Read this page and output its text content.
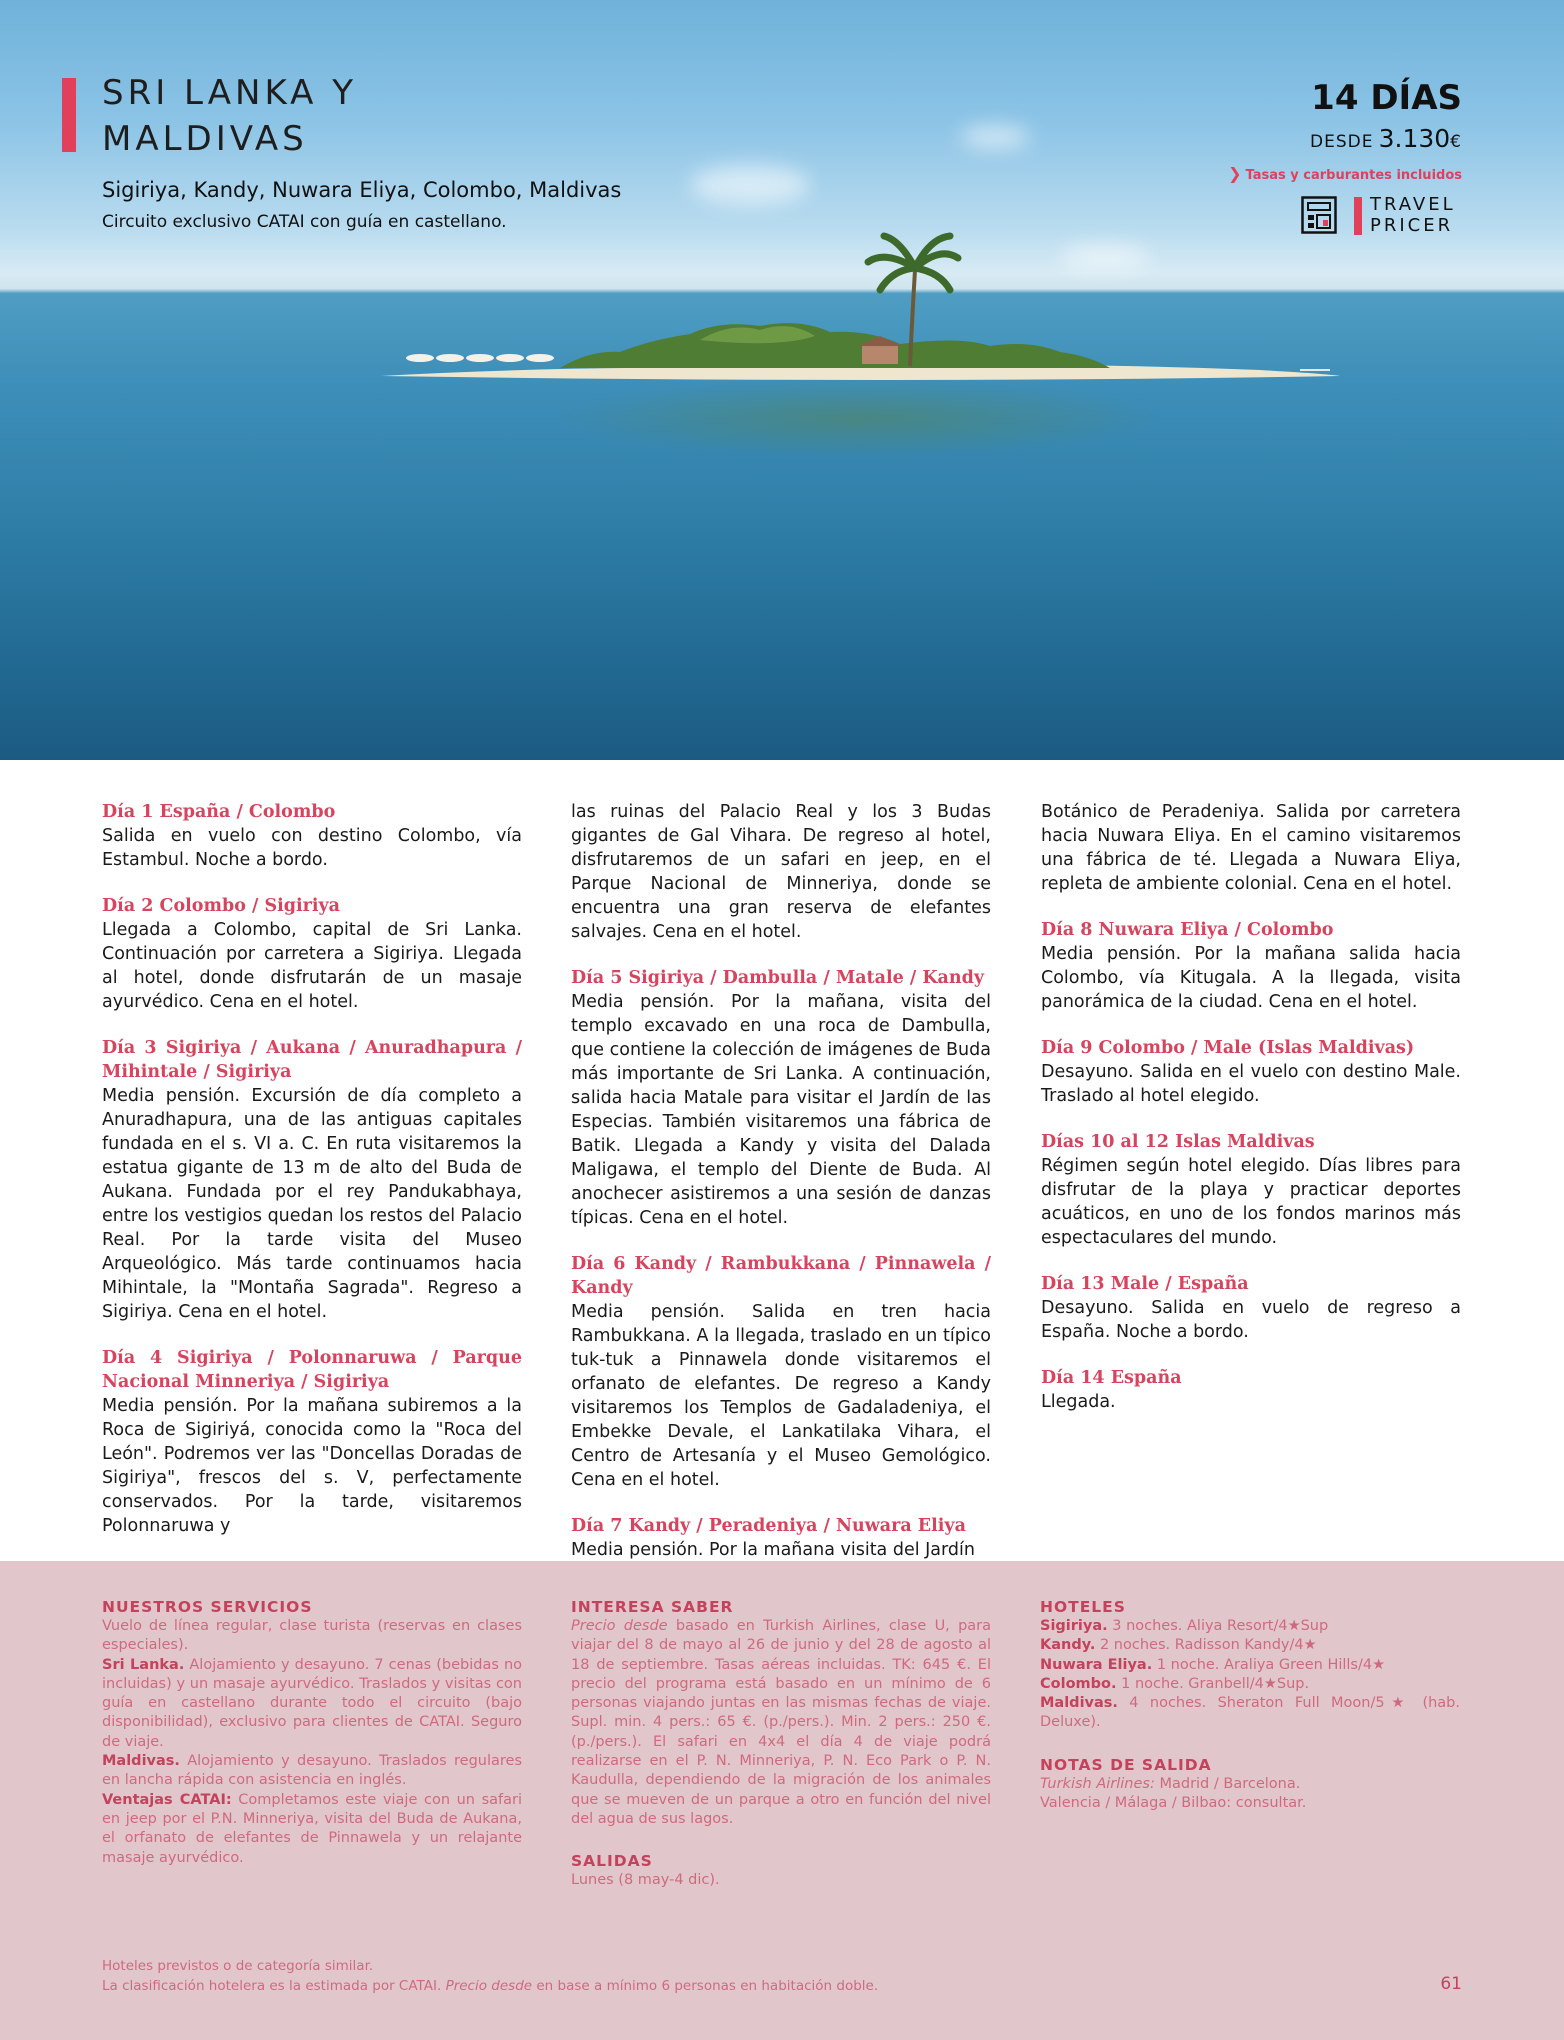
SRI LANKA Y
MALDIVAS
Sigiriya, Kandy, Nuwara Eliya, Colombo, Maldivas
Circuito exclusivo CATAI con guía en castellano.
14 DÍAS
DESDE 3.130€
❯ Tasas y carburantes incluidos
TRAVEL
PRICER
Día 1 España / Colombo

Salida en vuelo con destino Colombo, vía Estambul. Noche a bordo.

Día 2 Colombo / Sigiriya

Llegada a Colombo, capital de Sri Lanka. Continuación por carretera a Sigiriya. Llegada al hotel, donde disfrutarán de un masaje ayurvédico. Cena en el hotel.

Día 3 Sigiriya / Aukana / Anuradhapura / Mihintale / Sigiriya

Media pensión. Excursión de día completo a Anuradhapura, una de las antiguas capitales fundada en el s. VI a. C. En ruta visitaremos la estatua gigante de 13 m de alto del Buda de Aukana. Fundada por el rey Pandukabhaya, entre los vestigios quedan los restos del Palacio Real. Por la tarde visita del Museo Arqueológico. Más tarde continuamos hacia Mihintale, la "Montaña Sagrada". Regreso a Sigiriya. Cena en el hotel.

Día 4 Sigiriya / Polonnaruwa / Parque Nacional Minneriya / Sigiriya

Media pensión. Por la mañana subiremos a la Roca de Sigiriyá, conocida como la "Roca del León". Podremos ver las "Doncellas Doradas de Sigiriya", frescos del s. V, perfectamente conservados. Por la tarde, visitaremos Polonnaruwa y

las ruinas del Palacio Real y los 3 Budas gigantes de Gal Vihara. De regreso al hotel, disfrutaremos de un safari en jeep, en el Parque Nacional de Minneriya, donde se encuentra una gran reserva de elefantes salvajes. Cena en el hotel.

Día 5 Sigiriya / Dambulla / Matale / Kandy

Media pensión. Por la mañana, visita del templo excavado en una roca de Dambulla, que contiene la colección de imágenes de Buda más importante de Sri Lanka. A continuación, salida hacia Matale para visitar el Jardín de las Especias. También visitaremos una fábrica de Batik. Llegada a Kandy y visita del Dalada Maligawa, el templo del Diente de Buda. Al anochecer asistiremos a una sesión de danzas típicas. Cena en el hotel.

Día 6 Kandy / Rambukkana / Pinnawela / Kandy

Media pensión. Salida en tren hacia Rambukkana. A la llegada, traslado en un típico tuk-tuk a Pinnawela donde visitaremos el orfanato de elefantes. De regreso a Kandy visitaremos los Templos de Gadaladeniya, el Embekke Devale, el Lankatilaka Vihara, el Centro de Artesanía y el Museo Gemológico. Cena en el hotel.

Día 7 Kandy / Peradeniya / Nuwara Eliya

Media pensión. Por la mañana visita del Jardín

Botánico de Peradeniya. Salida por carretera hacia Nuwara Eliya. En el camino visitaremos una fábrica de té. Llegada a Nuwara Eliya, repleta de ambiente colonial. Cena en el hotel.

Día 8 Nuwara Eliya / Colombo

Media pensión. Por la mañana salida hacia Colombo, vía Kitugala. A la llegada, visita panorámica de la ciudad. Cena en el hotel.

Día 9 Colombo / Male (Islas Maldivas)

Desayuno. Salida en el vuelo con destino Male. Traslado al hotel elegido.

Días 10 al 12 Islas Maldivas

Régimen según hotel elegido. Días libres para disfrutar de la playa y practicar deportes acuáticos, en uno de los fondos marinos más espectaculares del mundo.

Día 13 Male / España

Desayuno. Salida en vuelo de regreso a España. Noche a bordo.

Día 14 España

Llegada.

NUESTROS SERVICIOS

Vuelo de línea regular, clase turista (reservas en clases especiales).

Sri Lanka. Alojamiento y desayuno. 7 cenas (bebidas no incluidas) y un masaje ayurvédico. Traslados y visitas con guía en castellano durante todo el circuito (bajo disponibilidad), exclusivo para clientes de CATAI. Seguro de viaje.

Maldivas. Alojamiento y desayuno. Traslados regulares en lancha rápida con asistencia en inglés.

Ventajas CATAI: Completamos este viaje con un safari en jeep por el P.N. Minneriya, visita del Buda de Aukana, el orfanato de elefantes de Pinnawela y un relajante masaje ayurvédico.

INTERESA SABER

Precio desde basado en Turkish Airlines, clase U, para viajar del 8 de mayo al 26 de junio y del 28 de agosto al 18 de septiembre. Tasas aéreas incluidas. TK: 645 €. El precio del programa está basado en un mínimo de 6 personas viajando juntas en las mismas fechas de viaje. Supl. min. 4 pers.: 65 €. (p./pers.). Min. 2 pers.: 250 €. (p./pers.). El safari en 4x4 el día 4 de viaje podrá realizarse en el P. N. Minneriya, P. N. Eco Park o P. N. Kaudulla, dependiendo de la migración de los animales que se mueven de un parque a otro en función del nivel del agua de sus lagos.

SALIDAS

Lunes (8 may-4 dic).

HOTELES

Sigiriya. 3 noches. Aliya Resort/4★Sup

Kandy. 2 noches. Radisson Kandy/4★

Nuwara Eliya. 1 noche. Araliya Green Hills/4★

Colombo. 1 noche. Granbell/4★Sup.

Maldivas. 4 noches. Sheraton Full Moon/5★ (hab. Deluxe).

NOTAS DE SALIDA

Turkish Airlines: Madrid / Barcelona.

Valencia / Málaga / Bilbao: consultar.

Hoteles previstos o de categoría similar.
La clasificación hotelera es la estimada por CATAI. Precio desde en base a mínimo 6 personas en habitación doble.	61
